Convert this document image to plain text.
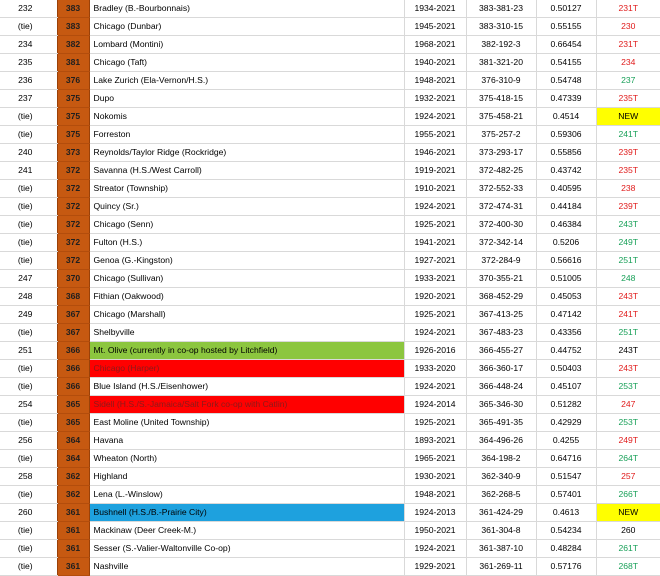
232	383	Bradley (B.-Bourbonnais)	1934-2021	383-381-23	0.50127	231T
(tie)	383	Chicago (Dunbar)	1945-2021	383-310-15	0.55155	230
234	382	Lombard (Montini)	1968-2021	382-192-3	0.66454	231T
235	381	Chicago (Taft)	1940-2021	381-321-20	0.54155	234
236	376	Lake Zurich (Ela-Vernon/H.S.)	1948-2021	376-310-9	0.54748	237
237	375	Dupo	1932-2021	375-418-15	0.47339	235T
(tie)	375	Nokomis	1924-2021	375-458-21	0.4514	NEW
(tie)	375	Forreston	1955-2021	375-257-2	0.59306	241T
240	373	Reynolds/Taylor Ridge (Rockridge)	1946-2021	373-293-17	0.55856	239T
241	372	Savanna (H.S./West Carroll)	1919-2021	372-482-25	0.43742	235T
(tie)	372	Streator (Township)	1910-2021	372-552-33	0.40595	238
(tie)	372	Quincy (Sr.)	1924-2021	372-474-31	0.44184	239T
(tie)	372	Chicago (Senn)	1925-2021	372-400-30	0.46384	243T
(tie)	372	Fulton (H.S.)	1941-2021	372-342-14	0.5206	249T
(tie)	372	Genoa (G.-Kingston)	1927-2021	372-284-9	0.56616	251T
247	370	Chicago (Sullivan)	1933-2021	370-355-21	0.51005	248
248	368	Fithian (Oakwood)	1920-2021	368-452-29	0.45053	243T
249	367	Chicago (Marshall)	1925-2021	367-413-25	0.47142	241T
(tie)	367	Shelbyville	1924-2021	367-483-23	0.43356	251T
251	366	Mt. Olive (currently in co-op hosted by Litchfield)	1926-2016	366-455-27	0.44752	243T
(tie)	366	Chicago (Harper)	1933-2020	366-360-17	0.50403	243T
(tie)	366	Blue Island (H.S./Eisenhower)	1924-2021	366-448-24	0.45107	253T
254	365	Sidell (H.S./S.-Jamaica/Salt Fork co-op with Catlin)	1924-2014	365-346-30	0.51282	247
(tie)	365	East Moline (United Township)	1925-2021	365-491-35	0.42929	253T
256	364	Havana	1893-2021	364-496-26	0.4255	249T
(tie)	364	Wheaton (North)	1965-2021	364-198-2	0.64716	264T
258	362	Highland	1930-2021	362-340-9	0.51547	257
(tie)	362	Lena (L.-Winslow)	1948-2021	362-268-5	0.57401	266T
260	361	Bushnell (H.S./B.-Prairie City)	1924-2013	361-424-29	0.4613	NEW
(tie)	361	Mackinaw (Deer Creek-M.)	1950-2021	361-304-8	0.54234	260
(tie)	361	Sesser (S.-Valier-Waltonville Co-op)	1924-2021	361-387-10	0.48284	261T
(tie)	361	Nashville	1929-2021	361-269-11	0.57176	268T
